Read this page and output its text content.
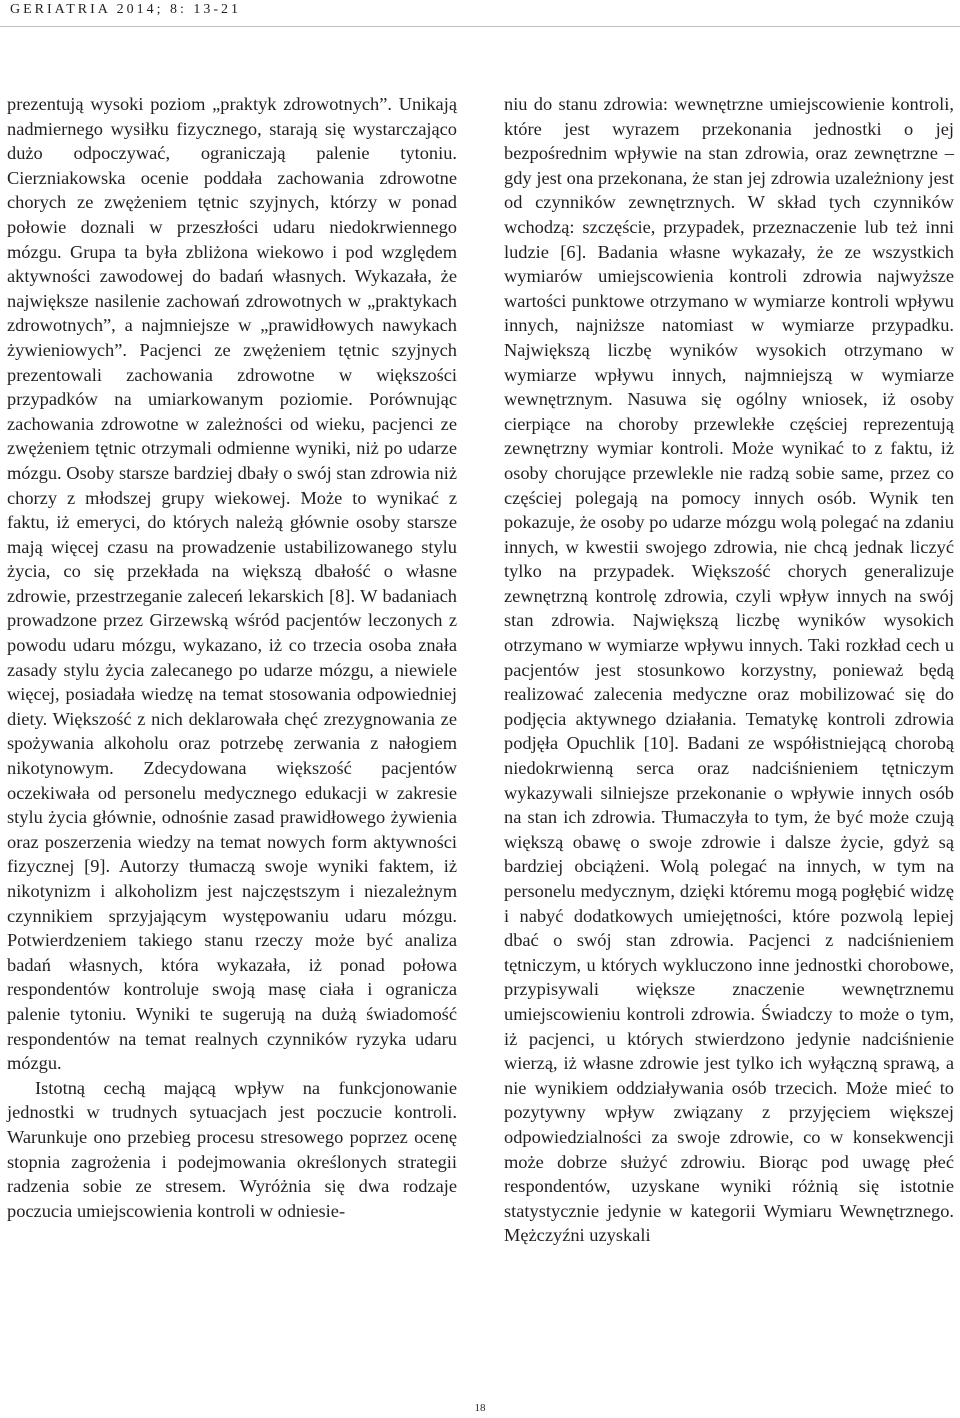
GERIATRIA 2014; 8: 13-21

prezentują wysoki poziom „praktyk zdrowotnych”. Unikają nadmiernego wysiłku fizycznego, starają się wystarczająco dużo odpoczywać, ograniczają palenie tytoniu. Cierzniakowska ocenie poddała zachowania zdrowotne chorych ze zwężeniem tętnic szyjnych, którzy w ponad połowie doznali w przeszłości udaru niedokrwiennego mózgu. Grupa ta była zbliżona wiekowo i pod względem aktywności zawodowej do badań własnych. Wykazała, że największe nasilenie zachowań zdrowotnych w „praktykach zdrowotnych”, a najmniejsze w „prawidłowych nawykach żywieniowych”. Pacjenci ze zwężeniem tętnic szyjnych prezentowali zachowania zdrowotne w większości przypadków na umiarkowanym poziomie. Porównując zachowania zdrowotne w zależności od wieku, pacjenci ze zwężeniem tętnic otrzymali odmienne wyniki, niż po udarze mózgu. Osoby starsze bardziej dbały o swój stan zdrowia niż chorzy z młodszej grupy wiekowej. Może to wynikać z faktu, iż emeryci, do których należą głównie osoby starsze mają więcej czasu na prowadzenie ustabilizowanego stylu życia, co się przekłada na większą dbałość o własne zdrowie, przestrzeganie zaleceń lekarskich [8]. W badaniach prowadzone przez Girzewską wśród pacjentów leczonych z powodu udaru mózgu, wykazano, iż co trzecia osoba znała zasady stylu życia zalecanego po udarze mózgu, a niewiele więcej, posiadała wiedzę na temat stosowania odpowiedniej diety. Większość z nich deklarowała chęć zrezygnowania ze spożywania alkoholu oraz potrzebę zerwania z nałogiem nikotynowym. Zdecydowana większość pacjentów oczekiwała od personelu medycznego edukacji w zakresie stylu życia głównie, odnośnie zasad prawidłowego żywienia oraz poszerzenia wiedzy na temat nowych form aktywności fizycznej [9]. Autorzy tłumaczą swoje wyniki faktem, iż nikotynizm i alkoholizm jest najczęstszym i niezależnym czynnikiem sprzyjającym występowaniu udaru mózgu. Potwierdzeniem takiego stanu rzeczy może być analiza badań własnych, która wykazała, iż ponad połowa respondentów kontroluje swoją masę ciała i ogranicza palenie tytoniu. Wyniki te sugerują na dużą świadomość respondentów na temat realnych czynników ryzyka udaru mózgu.

Istotną cechą mającą wpływ na funkcjonowanie jednostki w trudnych sytuacjach jest poczucie kontroli. Warunkuje ono przebieg procesu stresowego poprzez ocenę stopnia zagrożenia i podejmowania określonych strategii radzenia sobie ze stresem. Wyróżnia się dwa rodzaje poczucia umiejscowienia kontroli w odniesie-

niu do stanu zdrowia: wewnętrzne umiejscowienie kontroli, które jest wyrazem przekonania jednostki o jej bezpośrednim wpływie na stan zdrowia, oraz zewnętrzne – gdy jest ona przekonana, że stan jej zdrowia uzależniony jest od czynników zewnętrznych. W skład tych czynników wchodzą: szczęście, przypadek, przeznaczenie lub też inni ludzie [6]. Badania własne wykazały, że ze wszystkich wymiarów umiejscowienia kontroli zdrowia najwyższe wartości punktowe otrzymano w wymiarze kontroli wpływu innych, najniższe natomiast w wymiarze przypadku. Największą liczbę wyników wysokich otrzymano w wymiarze wpływu innych, najmniejszą w wymiarze wewnętrznym. Nasuwa się ogólny wniosek, iż osoby cierpiące na choroby przewlekłe częściej reprezentują zewnętrzny wymiar kontroli. Może wynikać to z faktu, iż osoby chorujące przewlekle nie radzą sobie same, przez co częściej polegają na pomocy innych osób. Wynik ten pokazuje, że osoby po udarze mózgu wolą polegać na zdaniu innych, w kwestii swojego zdrowia, nie chcą jednak liczyć tylko na przypadek. Większość chorych generalizuje zewnętrzną kontrolę zdrowia, czyli wpływ innych na swój stan zdrowia. Największą liczbę wyników wysokich otrzymano w wymiarze wpływu innych. Taki rozkład cech u pacjentów jest stosunkowo korzystny, ponieważ będą realizować zalecenia medyczne oraz mobilizować się do podjęcia aktywnego działania. Tematykę kontroli zdrowia podjęła Opuchlik [10]. Badani ze współistniejącą chorobą niedokrwienną serca oraz nadciśnieniem tętniczym wykazywali silniejsze przekonanie o wpływie innych osób na stan ich zdrowia. Tłumaczyła to tym, że być może czują większą obawę o swoje zdrowie i dalsze życie, gdyż są bardziej obciążeni. Wolą polegać na innych, w tym na personelu medycznym, dzięki któremu mogą pogłębić widzę i nabyć dodatkowych umiejętności, które pozwolą lepiej dbać o swój stan zdrowia. Pacjenci z nadciśnieniem tętniczym, u których wykluczono inne jednostki chorobowe, przypisywali większe znaczenie wewnętrznemu umiejscowieniu kontroli zdrowia. Świadczy to może o tym, iż pacjenci, u których stwierdzono jedynie nadciśnienie wierzą, iż własne zdrowie jest tylko ich wyłączną sprawą, a nie wynikiem oddziaływania osób trzecich. Może mieć to pozytywny wpływ związany z przyjęciem większej odpowiedzialności za swoje zdrowie, co w konsekwencji może dobrze służyć zdrowiu. Biorąc pod uwagę płeć respondentów, uzyskane wyniki różnią się istotnie statystycznie jedynie w kategorii Wymiaru Wewnętrznego. Mężczyźni uzyskali

18
